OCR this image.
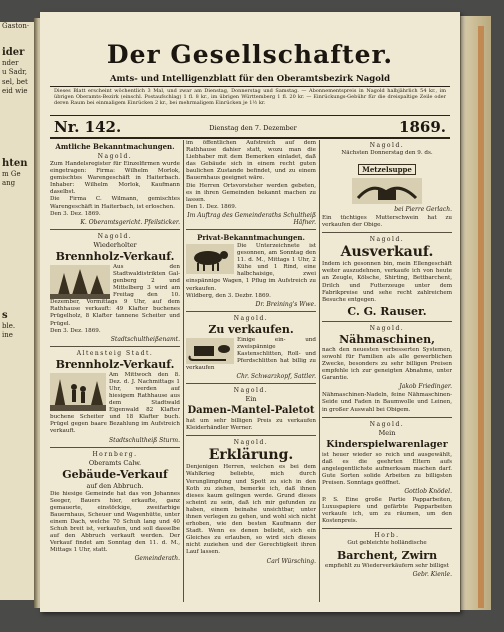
Gaston·
ider
nder
u Sadr,
sel, bet
eid wie
hten
m Ge
ang
s
ble.
ine
Der Gesellschafter.
Amts- und Intelligenzblatt für den Oberamtsbezirk Nagold
Dieses Blatt erscheint wöchentlich 3 Mal, und zwar am Dienstag, Donnerstag und Samstag. — Abonnementspreis in Nagold halbjährlich 54 kr., im übrigen Oberamts-Bezirk (einschl. Postaufschlag) 1 fl. 8 kr., im übrigen Württemberg 1 fl. 20 kr. — Einrückungs-Gebühr für die dreispaltige Zeile oder deren Raum bei einmaligem Einrücken 2 kr., bei mehrmaligem Einrücken je 1½ kr.
Nr. 142.	Dienstag den 7. Dezember	1869.
Amtliche Bekanntmachungen.
Nagold.

Zum Handelsregister für Einzelfirmen wurde eingetragen: Firma: Wilhelm Morlok, gemischtes Warengeschäft in Haiterbach. Inhaber: Wilhelm Morlok, Kaufmann daselbst.

Die Firma C. Wilmann, gemischtes Warengeschäft in Haiterbach, ist erloschen.

Den 3. Dez. 1869.

K. Oberamtsgericht. Pfeilsticker.
Nagold.
Wiederholter
Brennholz-Verkauf.

Aus den Stadtwaldistrikten Gal-genberg 2 und Mittelberg 3 wird am Freitag den 10. Dezember, Vormittags 9 Uhr, auf dem Rathhause verkauft: 49 Klafter buchenes Prügelholz, 8 Klafter tannene Scheiter und Prügel.

Den 3. Dez. 1869.

Stadtschultheißenamt.
Altensteig Stadt.
Brennholz-Verkauf.

Am Mittwoch den 8. Dez. d. J. Nachmittags 1 Uhr, werden auf hiesigem Rathhause aus dem Stadtwald Eigenwald 82 Klafter buchene Scheiter und 18 Klafter buch. Prügel gegen baare Bezahlung im Aufstreich verkauft.

Stadtschultheiß Sturm.
Hornberg.
Oberamts Calw.
Gebäude-Verkauf
auf den Abbruch.

Die hiesige Gemeinde hat das von Johannes Seeger, Bauers hier, erkaufte, ganz gemauerte, einstöckige, zweifarbige Bauernhaus, Scheuer und Wagenhütte, unter einem Dach, welche 70 Schuh lang und 40 Schuh breit ist, verkaufen, und soll dasselbe auf den Abbruch verkauft werden. Der Verkauf findet am Sonntag den 11. d. M., Mittags 1 Uhr, statt.

Gemeinderath.

im öffentlichen Aufstreich auf dem Rathhause dahier statt, wozu man die Liebhaber mit dem Bemerken einladet, daß das Gebäude sich in einem recht guten baulichen Zustande befindet, und zu einem Bauernhaus geeignet wäre.

Die Herren Ortsvorsteher werden gebeten, es in ihren Gemeinden bekannt machen zu lassen.

Den 1. Dez. 1869.

Im Auftrag des Gemeinderaths Schultheiß Häfner.
Privat-Bekanntmachungen.

Die Unterzeichnete ist gesonnen, am Sonntag den 11. d. M., Mittags 1 Uhr, 2 Kühe und 1 Rind, eine halbchaisige, zwei einspännige Wagen, 1 Pflug im Aufstreich zu verkaufen.

Wildberg, den 3. Dezbr. 1869.

Dr. Breining's Wwe.
Nagold.
Zu verkaufen.

Einige ein- und zweispännige Kastenschlitten, Roll- und Pferdschlitten hat billig zu verkaufen

Chr. Schwarzkopf, Sattler.
Nagold.
Ein
Damen-Mantel-Paletot

hat um sehr billigen Preis zu verkaufen Kleiderhändler Werner.

Nagold.
Erklärung.

Denjenigen Herren, welchen es bei dem Wahlkrieg beliebte, mich durch Verunglimpfung und Spott zu sich in den Koth zu ziehen, bemerke ich, daß ihnen dieses kaum gelingen werde. Grund dieses scheint zu sein, daß ich mir gefunden zu haben, einem beinahe unsichtbar, unter ihnen verlegen zu gehen, und wohl sich nicht erhoben, wie den besten Kaufmann der Stadt. Wenn es denen beliebt, sich ein Gleiches zu erlauben, so wird sich dieses nicht zuziehen und der Gerechtigkeit ihren Lauf lassen.

Carl Würsching.
Nagold.

Nächsten Donnerstag den 9. ds.

Metzelsuppe
bei Pierre Gerlach.

Ein tüchtiges Mutterschwein hat zu verkaufen der Obige.

Nagold.
Ausverkauf.

Indem ich gesonnen bin, mein Ellengeschäft weiter auszudehnen, verkaufe ich von heute an Zeugle, Kölsche, Shirting, Bettbarchent, Drilch und Futterzeuge unter dem Fabrikpreise und sehe recht zahlreichem Besuche entgegen.

C. G. Rauser.
Nagold.
Nähmaschinen,

nach den neuesten verbesserten Systemen, sowohl für Familien als alle gewerblichen Zwecke, besonders zu sehr billigen Preisen empfehle ich zur geneigten Abnahme, unter Garantie.

Jakob Friedinger.

Nähmaschinen-Nadeln, feine Nähmaschinen-Seide und Faden in Baumwolle und Leinen, in großer Auswahl bei Obigem.

Nagold.
Mein
Kinderspielwarenlager

ist heuer wieder so reich und ausgewählt, daß es die geehrten Eltern aufs angelegentlichste aufmerksam machen darf. Gute Sorten solide Arbeiten zu billigsten Preisen. Sonntags geöffnet.

Gottlob Knödel.

P. S. Eine große Partie Papparbeiten, Luxuspapiere und gefärbte Papparbeiten verkaufe ich, um zu räumen, um den Kostenpreis.

Horb.

Gut gebleichte holländische

Barchent, Zwirn

empfiehlt zu Wiederverkäufern sehr billigst

Gebr. Kienle.
